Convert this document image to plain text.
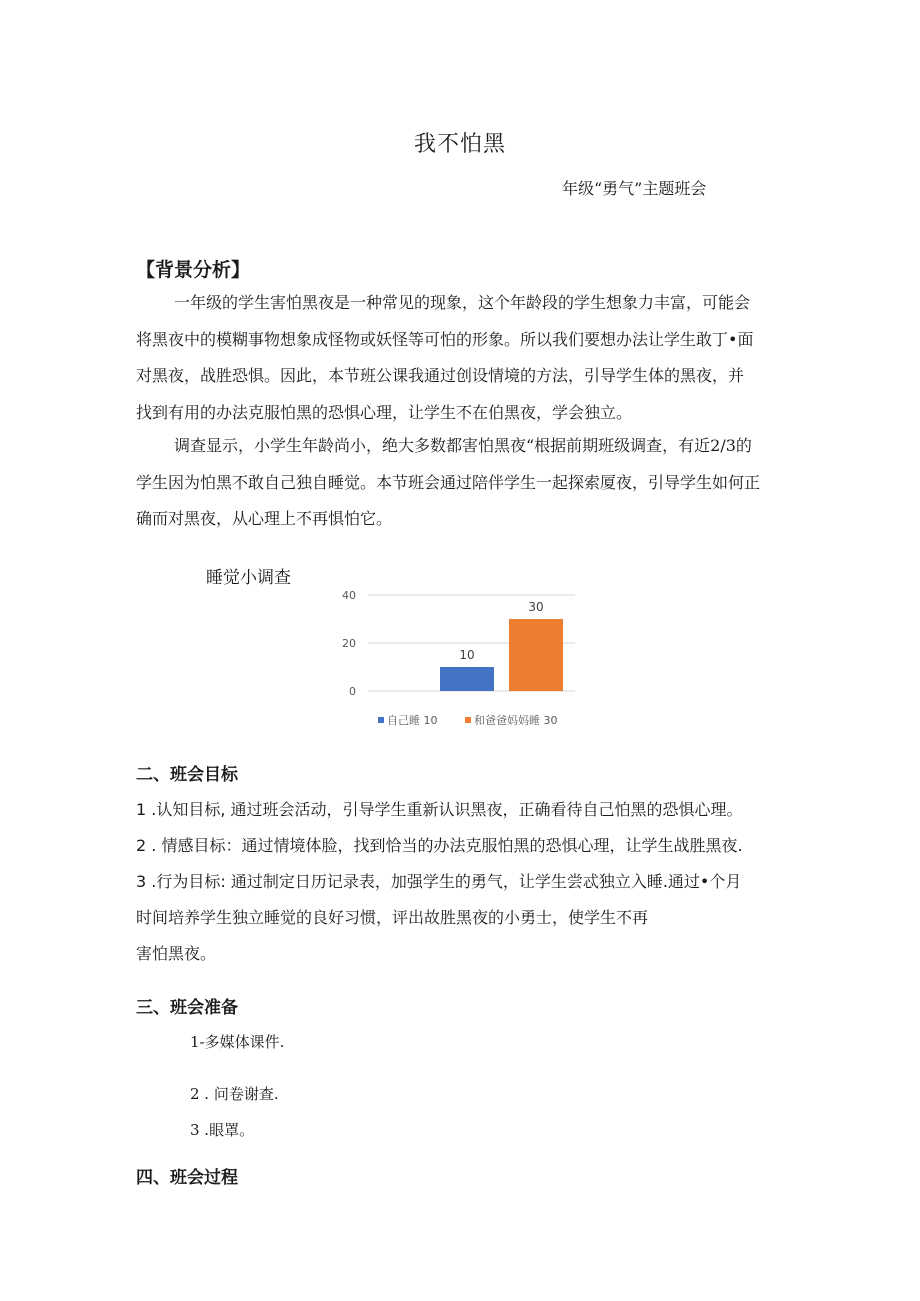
我不怕黑
年级“勇气”主题班会
【背景分析】
一年级的学生害怕黑夜是一种常见的现象，这个年龄段的学生想象力丰富，可能会
将黑夜中的模糊事物想象成怪物或妖怪等可怕的形象。所以我们要想办法让学生敢丁•面
对黑夜，战胜恐惧。因此，本节班公课我通过创设情境的方法，引导学生体的黑夜，并
找到有用的办法克服怕黑的恐惧心理，让学生不在伯黑夜，学会独立。
调查显示，小学生年龄尚小，绝大多数都害怕黑夜“根据前期班级调查，有近2/3的
学生因为怕黑不敢自己独自睡觉。本节班会通过陪伴学生一起探索厦夜，引导学生如何正
确而对黑夜，从心理上不再惧怕它。
睡觉小调查
0
20
40
10
30
自己睡 10	和爸爸妈妈睡 30
二、班会目标
1 .认知目标, 通过班会活动，引导学生重新认识黑夜，正确看待自己怕黑的恐惧心理。
2 . 情感目标：通过情境体脸，找到恰当的办法克服怕黑的恐惧心理，让学生战胜黑夜.
3 .行为目标: 通过制定日历记录表，加强学生的勇气，让学生尝忒独立入睡.通过•个月
时间培养学生独立睡觉的良好习惯，评出故胜黑夜的小勇士，使学生不再
害怕黑夜。
三、班会准备
1-多媒体课件.
2 . 问卷谢查.
3 .眼罩。
四、班会过程
